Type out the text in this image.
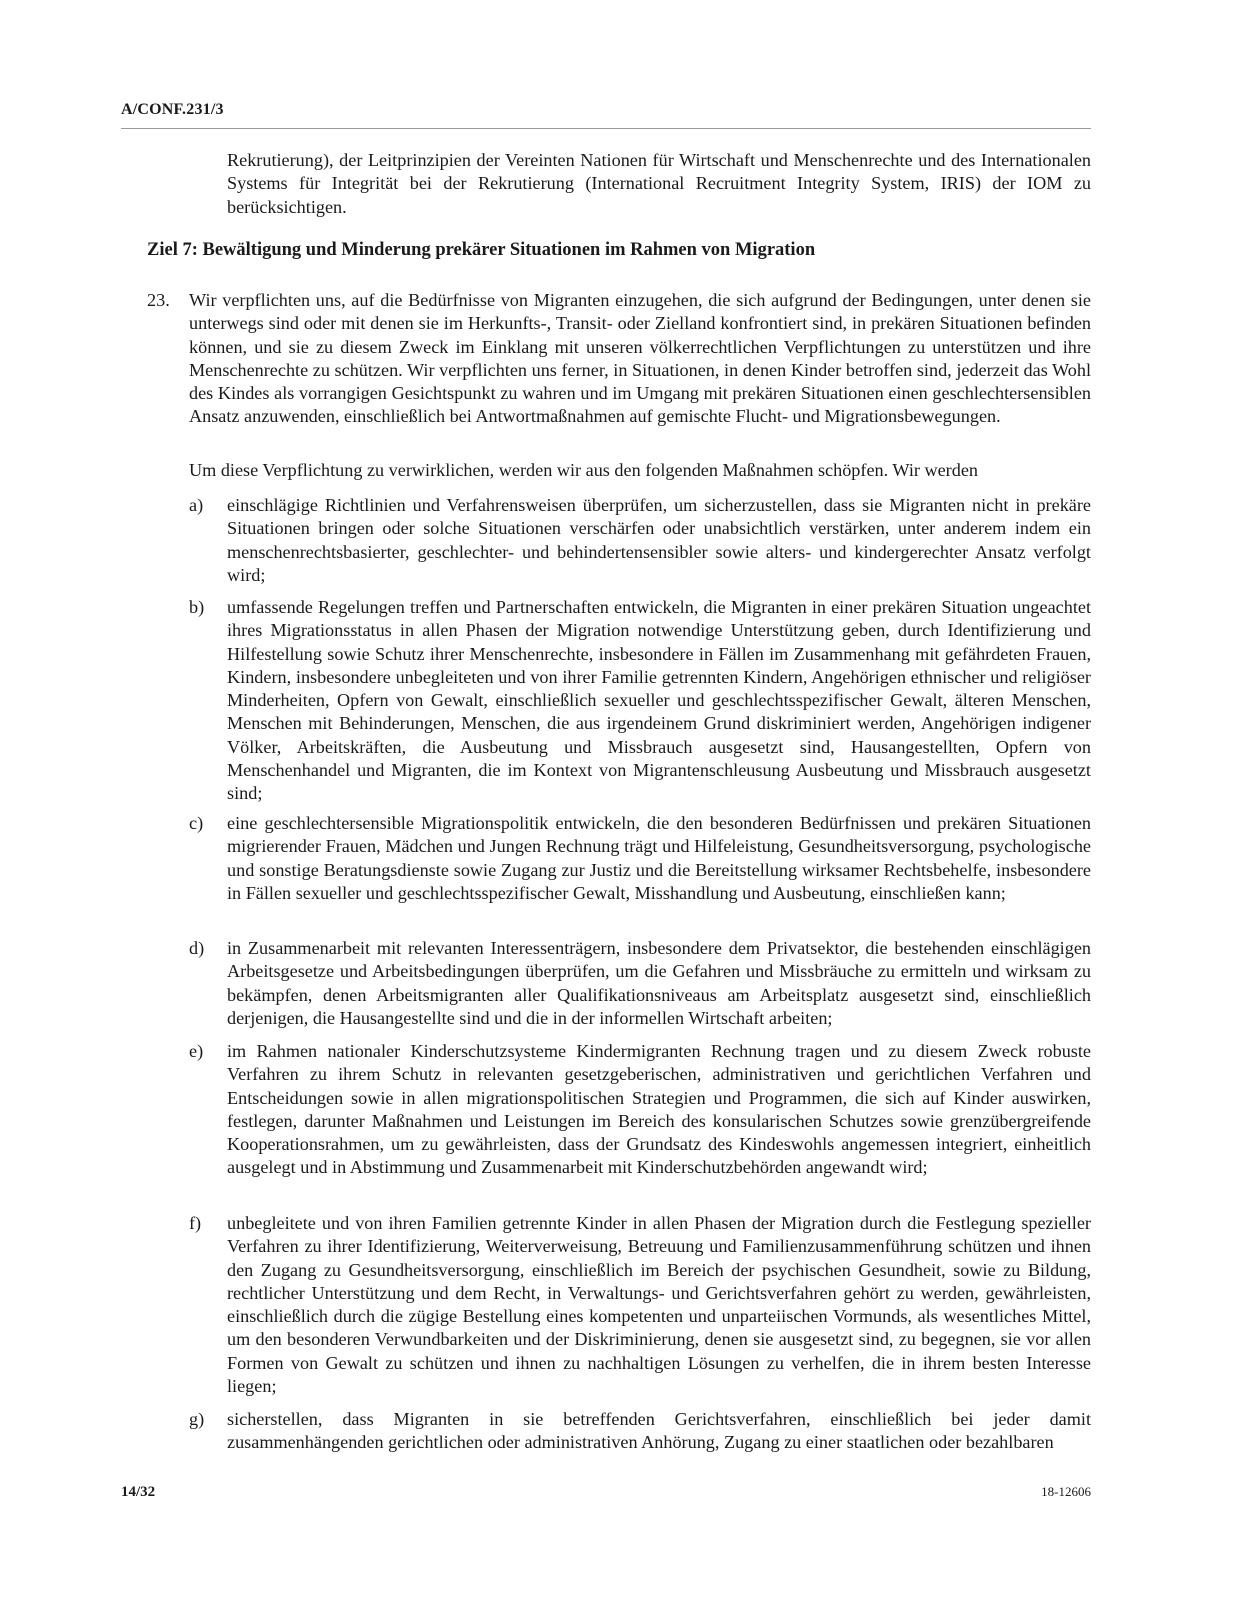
A/CONF.231/3

Rekrutierung), der Leitprinzipien der Vereinten Nationen für Wirtschaft und Menschenrechte und des Internationalen Systems für Integrität bei der Rekrutierung (International Recruitment Integrity System, IRIS) der IOM zu berücksichtigen.

Ziel 7: Bewältigung und Minderung prekärer Situationen im Rahmen von Migration
23. Wir verpflichten uns, auf die Bedürfnisse von Migranten einzugehen, die sich aufgrund der Bedingungen, unter denen sie unterwegs sind oder mit denen sie im Herkunfts-, Transit- oder Zielland konfrontiert sind, in prekären Situationen befinden können, und sie zu diesem Zweck im Einklang mit unseren völkerrechtlichen Verpflichtungen zu unterstützen und ihre Menschenrechte zu schützen. Wir verpflichten uns ferner, in Situationen, in denen Kinder betroffen sind, jederzeit das Wohl des Kindes als vorrangigen Gesichtspunkt zu wahren und im Umgang mit prekären Situationen einen geschlechtersensiblen Ansatz anzuwenden, einschließlich bei Antwortmaßnahmen auf gemischte Flucht- und Migrationsbewegungen.

Um diese Verpflichtung zu verwirklichen, werden wir aus den folgenden Maßnahmen schöpfen. Wir werden

a) einschlägige Richtlinien und Verfahrensweisen überprüfen, um sicherzustellen, dass sie Migranten nicht in prekäre Situationen bringen oder solche Situationen verschärfen oder unabsichtlich verstärken, unter anderem indem ein menschenrechtsbasierter, geschlechter- und behindertensensibler sowie alters- und kindergerechter Ansatz verfolgt wird;

b) umfassende Regelungen treffen und Partnerschaften entwickeln, die Migranten in einer prekären Situation ungeachtet ihres Migrationsstatus in allen Phasen der Migration notwendige Unterstützung geben, durch Identifizierung und Hilfestellung sowie Schutz ihrer Menschenrechte, insbesondere in Fällen im Zusammenhang mit gefährdeten Frauen, Kindern, insbesondere unbegleiteten und von ihrer Familie getrennten Kindern, Angehörigen ethnischer und religiöser Minderheiten, Opfern von Gewalt, einschließlich sexueller und geschlechtsspezifischer Gewalt, älteren Menschen, Menschen mit Behinderungen, Menschen, die aus irgendeinem Grund diskriminiert werden, Angehörigen indigener Völker, Arbeitskräften, die Ausbeutung und Missbrauch ausgesetzt sind, Hausangestellten, Opfern von Menschenhandel und Migranten, die im Kontext von Migrantenschleusung Ausbeutung und Missbrauch ausgesetzt sind;

c) eine geschlechtersensible Migrationspolitik entwickeln, die den besonderen Bedürfnissen und prekären Situationen migrierender Frauen, Mädchen und Jungen Rechnung trägt und Hilfeleistung, Gesundheitsversorgung, psychologische und sonstige Beratungsdienste sowie Zugang zur Justiz und die Bereitstellung wirksamer Rechtsbehelfe, insbesondere in Fällen sexueller und geschlechtsspezifischer Gewalt, Misshandlung und Ausbeutung, einschließen kann;

d) in Zusammenarbeit mit relevanten Interessenträgern, insbesondere dem Privatsektor, die bestehenden einschlägigen Arbeitsgesetze und Arbeitsbedingungen überprüfen, um die Gefahren und Missbräuche zu ermitteln und wirksam zu bekämpfen, denen Arbeitsmigranten aller Qualifikationsniveaus am Arbeitsplatz ausgesetzt sind, einschließlich derjenigen, die Hausangestellte sind und die in der informellen Wirtschaft arbeiten;

e) im Rahmen nationaler Kinderschutzsysteme Kindermigranten Rechnung tragen und zu diesem Zweck robuste Verfahren zu ihrem Schutz in relevanten gesetzgeberischen, administrativen und gerichtlichen Verfahren und Entscheidungen sowie in allen migrationspolitischen Strategien und Programmen, die sich auf Kinder auswirken, festlegen, darunter Maßnahmen und Leistungen im Bereich des konsularischen Schutzes sowie grenzübergreifende Kooperationsrahmen, um zu gewährleisten, dass der Grundsatz des Kindeswohls angemessen integriert, einheitlich ausgelegt und in Abstimmung und Zusammenarbeit mit Kinderschutzbehörden angewandt wird;

f) unbegleitete und von ihren Familien getrennte Kinder in allen Phasen der Migration durch die Festlegung spezieller Verfahren zu ihrer Identifizierung, Weiterverweisung, Betreuung und Familienzusammenführung schützen und ihnen den Zugang zu Gesundheitsversorgung, einschließlich im Bereich der psychischen Gesundheit, sowie zu Bildung, rechtlicher Unterstützung und dem Recht, in Verwaltungs- und Gerichtsverfahren gehört zu werden, gewährleisten, einschließlich durch die zügige Bestellung eines kompetenten und unparteiischen Vormunds, als wesentliches Mittel, um den besonderen Verwundbarkeiten und der Diskriminierung, denen sie ausgesetzt sind, zu begegnen, sie vor allen Formen von Gewalt zu schützen und ihnen zu nachhaltigen Lösungen zu verhelfen, die in ihrem besten Interesse liegen;

g) sicherstellen, dass Migranten in sie betreffenden Gerichtsverfahren, einschließlich bei jeder damit zusammenhängenden gerichtlichen oder administrativen Anhörung, Zugang zu einer staatlichen oder bezahlbaren

14/32	18-12606
